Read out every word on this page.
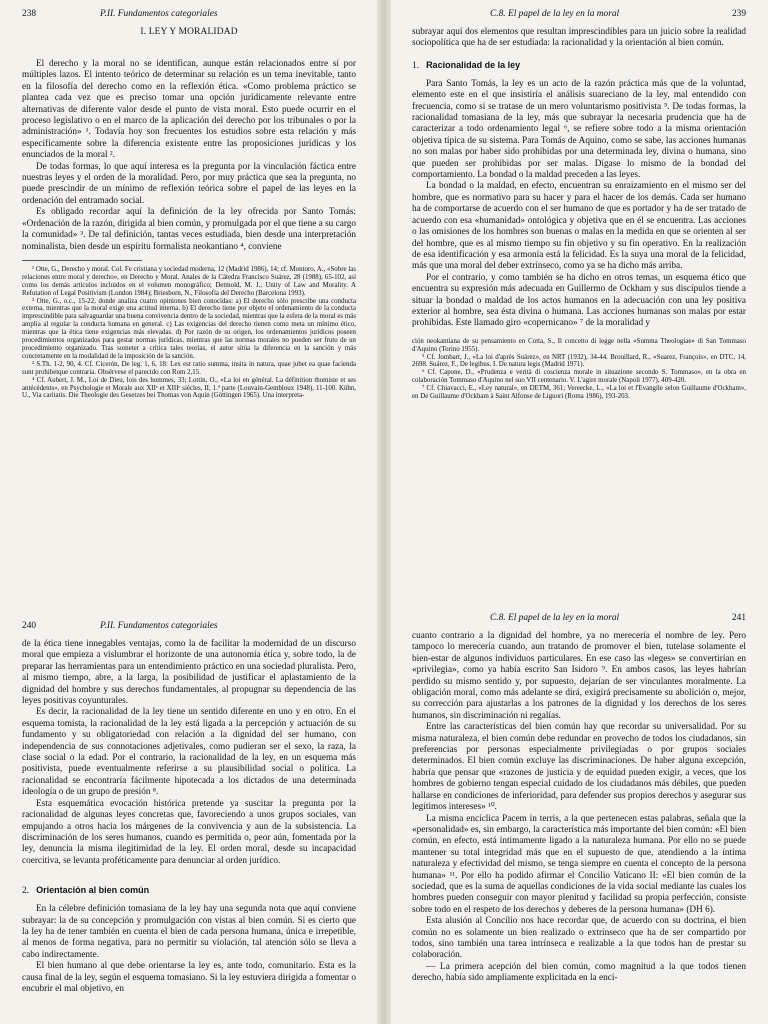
238	P.II. Fundamentos categoriales
I. LEY Y MORALIDAD

El derecho y la moral no se identifican, aunque están relacionados entre sí por múltiples lazos. El intento teórico de determinar su relación es un tema inevitable, tanto en la filosofía del derecho como en la reflexión ética. «Como problema práctico se plantea cada vez que es preciso tomar una opción jurídicamente relevante entre alternativas de diferente valor desde el punto de vista moral. Esto puede ocurrir en el proceso legislativo o en el marco de la aplicación del derecho por los tribunales o por la administración» ¹. Todavía hoy son frecuentes los estudios sobre esta relación y más específicamente sobre la diferencia existente entre las proposiciones jurídicas y los enunciados de la moral ².

De todas formas, lo que aquí interesa es la pregunta por la vinculación fáctica entre nuestras leyes y el orden de la moralidad. Pero, por muy práctica que sea la pregunta, no puede prescindir de un mínimo de reflexión teórica sobre el papel de las leyes en la ordenación del entramado social.

Es obligado recordar aquí la definición de la ley ofrecida por Santo Tomás: «Ordenación de la razón, dirigida al bien común, y promulgada por el que tiene a su cargo la comunidad» ³. De tal definición, tantas veces estudiada, bien desde una interpretación nominalista, bien desde un espíritu formalista neokantiano ⁴, conviene

¹ Otte, G., Derecho y moral. Col. Fe cristiana y sociedad moderna, 12 (Madrid 1986), 14; cf. Montoro, A., «Sobre las relaciones entre moral y derecho», en Derecho y Moral. Anales de la Cátedra Francisco Suárez, 28 (1988), 65-102, así como los demás artículos incluidos en el volumen monográfico; Detmold, M. J., Unity of Law and Morality. A Refutation of Legal Positivism (London 1984); Briesborn, N., Filosofía del Derecho (Barcelona 1993).

² Otte, G., o.c., 15-22, donde analiza cuatro opiniones bien conocidas: a) El derecho sólo prescribe una conducta externa, mientras que la moral exige una actitud interna. b) El derecho tiene por objeto el ordenamiento de la conducta imprescindible para salvaguardar una buena convivencia dentro de la sociedad, mientras que la esfera de la moral es más amplia al regular la conducta humana en general. c) Las exigencias del derecho tienen como meta un mínimo ético, mientras que la ética tiene exigencias más elevadas. d) Por razón de su origen, los ordenamientos jurídicos poseen procedimientos organizados para gestar normas jurídicas, mientras que las normas morales no pueden ser fruto de un procedimiento organizado. Tras someter a crítica tales teorías, el autor sitúa la diferencia en la sanción y más concretamente en la modalidad de la imposición de la sanción.

³ S.Th. 1-2, 90, 4. Cf. Cicerón, De leg. 1, 6, 18: Lex est ratio summa, insita in natura, quae jubet ea quae facienda sunt prohibetque contraria. Obsérvese el parecido con Rom 2,15.

⁴ Cf. Aubert, J. M., Loi de Dieu, lois des hommes, 33; Lottin, O., «La loi en général. La définition thomiste et ses antécédents», en Psychologie et Morale aux XIIᵉ et XIIIᵉ siècles, II, 1.ª parte (Louvain-Gembloux 1948), 11-100. Kühn, U., Via caritatis. Die Theologie des Gesetzes bei Thomas von Aquin (Göttingen 1965). Una interpreta-

C.8. El papel de la ley en la moral	239

subrayar aquí dos elementos que resultan imprescindibles para un juicio sobre la realidad sociopolítica que ha de ser estudiada: la racionalidad y la orientación al bien común.

1. Racionalidad de la ley

Para Santo Tomás, la ley es un acto de la razón práctica más que de la voluntad, elemento este en el que insistiría el análisis suareciano de la ley, mal entendido con frecuencia, como si se tratase de un mero voluntarismo positivista ⁵. De todas formas, la racionalidad tomasiana de la ley, más que subrayar la necesaria prudencia que ha de caracterizar a todo ordenamiento legal ⁶, se refiere sobre todo a la misma orientación objetiva típica de su sistema. Para Tomás de Aquino, como se sabe, las acciones humanas no son malas por haber sido prohibidas por una determinada ley, divina o humana, sino que pueden ser prohibidas por ser malas. Dígase lo mismo de la bondad del comportamiento. La bondad o la maldad preceden a las leyes.

La bondad o la maldad, en efecto, encuentran su enraizamiento en el mismo ser del hombre, que es normativo para su hacer y para el hacer de los demás. Cada ser humano ha de comportarse de acuerdo con el ser humano de que es portador y ha de ser tratado de acuerdo con esa «humanidad» ontológica y objetiva que en él se encuentra. Las acciones o las omisiones de los hombres son buenas o malas en la medida en que se orienten al ser del hombre, que es al mismo tiempo su fin objetivo y su fin operativo. En la realización de esa identificación y esa armonía está la felicidad. Es la suya una moral de la felicidad, más que una moral del deber extrínseco, como ya se ha dicho más arriba.

Por el contrario, y como también se ha dicho en otros temas, un esquema ético que encuentra su expresión más adecuada en Guillermo de Ockham y sus discípulos tiende a situar la bondad o maldad de los actos humanos en la adecuación con una ley positiva exterior al hombre, sea ésta divina o humana. Las acciones humanas son malas por estar prohibidas. Este llamado giro «copernicano» ⁷ de la moralidad y

ción neokantiana de su pensamiento en Cotta, S., Il concetto di legge nella «Summa Theologiae» di San Tommaso d'Aquino (Torino 1955).

⁵ Cf. Jombart, J., «La loi d'après Suárez», en NRT (1932), 34-44. Brouillard, R., «Suarez, François», en DTC, 14, 2698. Suárez, F., De legibus. I. De natura legis (Madrid 1971).

⁶ Cf. Capone, D., «Prudenza e verità di coscienza morale in situazione secondo S. Tommaso», en la obra en colaboración Tommaso d'Aquino nel suo VII centenario. V. L'agire morale (Napoli 1977), 409-420.

⁷ Cf. Chiavacci, E., «Ley natural», en DETM, 361; Vereecke, L., «La loi et l'Evangile selon Guillaume d'Ockham», en De Guillaume d'Ockham à Saint Alfonse de Liguori (Roma 1986), 193-203.

240	P.II. Fundamentos categoriales

de la ética tiene innegables ventajas, como la de facilitar la modernidad de un discurso moral que empieza a vislumbrar el horizonte de una autonomía ética y, sobre todo, la de preparar las herramientas para un entendimiento práctico en una sociedad pluralista. Pero, al mismo tiempo, abre, a la larga, la posibilidad de justificar el aplastamiento de la dignidad del hombre y sus derechos fundamentales, al propugnar su dependencia de las leyes positivas coyunturales.

Es decir, la racionalidad de la ley tiene un sentido diferente en uno y en otro. En el esquema tomista, la racionalidad de la ley está ligada a la percepción y actuación de su fundamento y su obligatoriedad con relación a la dignidad del ser humano, con independencia de sus connotaciones adjetivales, como pudieran ser el sexo, la raza, la clase social o la edad. Por el contrario, la racionalidad de la ley, en un esquema más positivista, puede eventualmente referirse a su plausibilidad social o política. La racionalidad se encontraría fácilmente hipotecada a los dictados de una determinada ideología o de un grupo de presión ⁸.

Esta esquemática evocación histórica pretende ya suscitar la pregunta por la racionalidad de algunas leyes concretas que, favoreciendo a unos grupos sociales, van empujando a otros hacia los márgenes de la convivencia y aun de la subsistencia. La discriminación de los seres humanos, cuando es permitida o, peor aún, fomentada por la ley, denuncia la misma ilegitimidad de la ley. El orden moral, desde su incapacidad coercitiva, se levanta proféticamente para denunciar al orden jurídico.

2. Orientación al bien común

En la célebre definición tomasiana de la ley hay una segunda nota que aquí conviene subrayar: la de su concepción y promulgación con vistas al bien común. Si es cierto que la ley ha de tener también en cuenta el bien de cada persona humana, única e irrepetible, al menos de forma negativa, para no permitir su violación, tal atención sólo se lleva a cabo indirectamente.

El bien humano al que debe orientarse la ley es, ante todo, comunitario. Esta es la causa final de la ley, según el esquema tomasiano. Si la ley estuviera dirigida a fomentar o encubrir el mal objetivo, en

C.8. El papel de la ley en la moral	241

cuanto contrario a la dignidad del hombre, ya no merecería el nombre de ley. Pero tampoco lo merecería cuando, aun tratando de promover el bien, tutelase solamente el bien-estar de algunos individuos particulares. En ese caso las «leges» se convertirían en «privilegia», como ya había escrito San Isidoro ⁹. En ambos casos, las leyes habrían perdido su mismo sentido y, por supuesto, dejarían de ser vinculantes moralmente. La obligación moral, como más adelante se dirá, exigirá precisamente su abolición o, mejor, su corrección para ajustarlas a los patrones de la dignidad y los derechos de los seres humanos, sin discriminación ni regalías.

Entre las características del bien común hay que recordar su universalidad. Por su misma naturaleza, el bien común debe redundar en provecho de todos los ciudadanos, sin preferencias por personas especialmente privilegiadas o por grupos sociales determinados. El bien común excluye las discriminaciones. De haber alguna excepción, habría que pensar que «razones de justicia y de equidad pueden exigir, a veces, que los hombres de gobierno tengan especial cuidado de los ciudadanos más débiles, que pueden hallarse en condiciones de inferioridad, para defender sus propios derechos y asegurar sus legítimos intereses» ¹⁰.

La misma encíclica Pacem in terris, a la que pertenecen estas palabras, señala que la «personalidad» es, sin embargo, la característica más importante del bien común: «El bien común, en efecto, está íntimamente ligado a la naturaleza humana. Por ello no se puede mantener su total integridad más que en el supuesto de que, atendiendo a la íntima naturaleza y efectividad del mismo, se tenga siempre en cuenta el concepto de la persona humana» ¹¹. Por ello ha podido afirmar el Concilio Vaticano II: «El bien común de la sociedad, que es la suma de aquellas condiciones de la vida social mediante las cuales los hombres pueden conseguir con mayor plenitud y facilidad su propia perfección, consiste sobre todo en el respeto de los derechos y deberes de la persona humana» (DH 6).

Esta alusión al Concilio nos hace recordar que, de acuerdo con su doctrina, el bien común no es solamente un bien realizado o extrínseco que ha de ser compartido por todos, sino también una tarea intrínseca e realizable a la que todos han de prestar su colaboración.

— La primera acepción del bien común, como magnitud a la que todos tienen derecho, había sido ampliamente explicitada en la encí-
